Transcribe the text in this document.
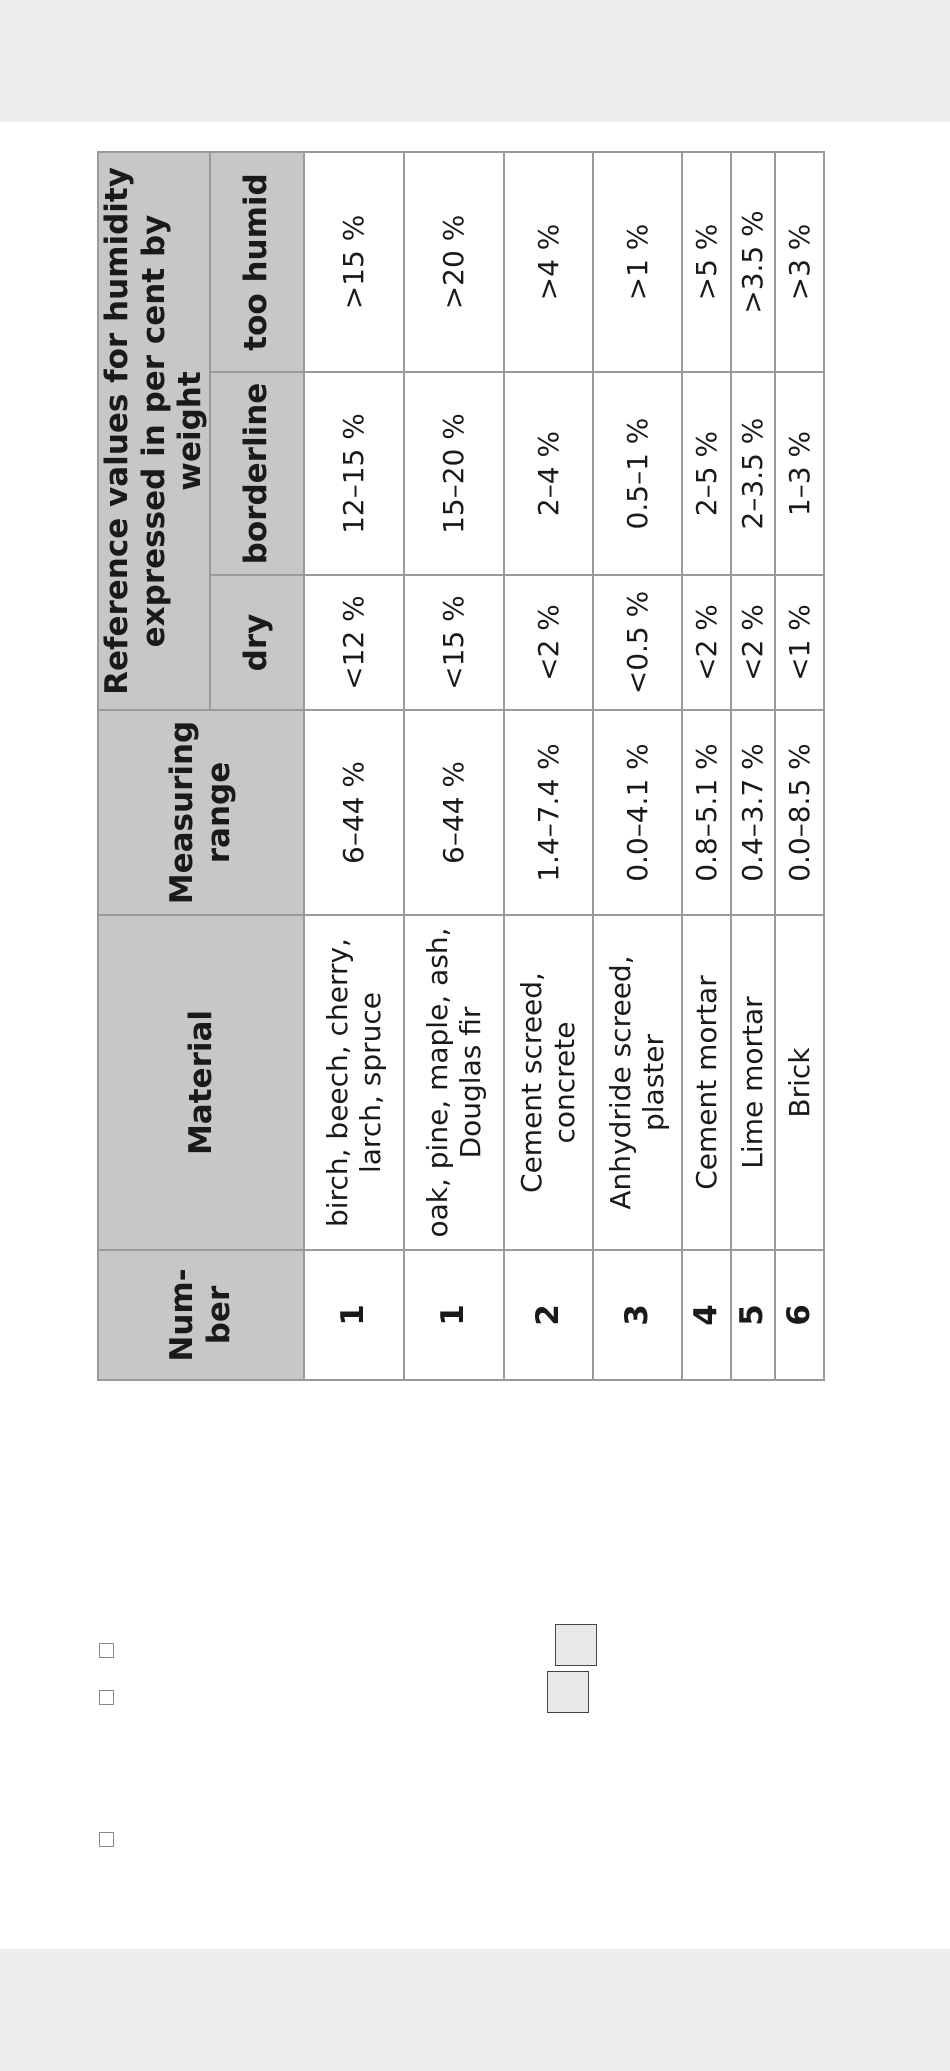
Num-
ber	Material	Measuring range	Reference values for humidity expressed in per cent by weight		
			dry	borderline	too humid
1	birch, beech, cherry, larch, spruce	6–44 %	<12 %	12–15 %	>15 %
1	oak, pine, maple, ash, Douglas fir	6–44 %	<15 %	15–20 %	>20 %
2	Cement screed, concrete	1.4–7.4 %	<2 %	2–4 %	>4 %
3	Anhydride screed, plaster	0.0–4.1 %	<0.5 %	0.5–1 %	>1 %
4	Cement mortar	0.8–5.1 %	<2 %	2–5 %	>5 %
5	Lime mortar	0.4–3.7 %	<2 %	2–3.5 %	>3.5 %
6	Brick	0.0–8.5 %	<1 %	1–3 %	>3 %
